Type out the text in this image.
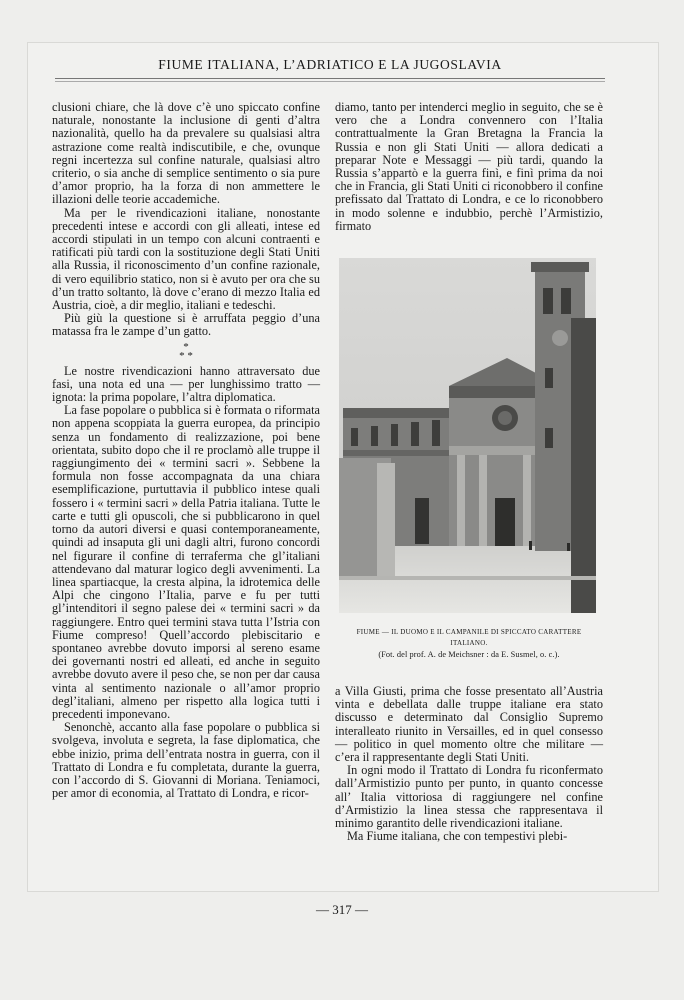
FIUME ITALIANA, L’ADRIATICO E LA JUGOSLAVIA

clusioni chiare, che là dove c’è uno spiccato confine naturale, nonostante la inclusione di genti d’altra nazionalità, quello ha da prevalere su qualsiasi altra astrazione come realtà indiscutibile, e che, ovunque regni incertezza sul confine naturale, qualsiasi altro criterio, o sia anche di semplice sentimento o sia pure d’amor proprio, ha la forza di non ammettere le illazioni delle teorie accademiche.

Ma per le rivendicazioni italiane, nonostante precedenti intese e accordi con gli alleati, intese ed accordi stipulati in un tempo con alcuni contraenti e ratificati più tardi con la sostituzione degli Stati Uniti alla Russia, il riconoscimento d’un confine razionale, di vero equilibrio statico, non si è avuto per ora che su d’un tratto soltanto, là dove c’erano di mezzo Italia ed Austria, cioè, a dir meglio, italiani e tedeschi.

Più giù la questione si è arruffata peggio d’una matassa fra le zampe d’un gatto.

*
* *

Le nostre rivendicazioni hanno attraversato due fasi, una nota ed una — per lunghissimo tratto — ignota: la prima popolare, l’altra diplomatica.

La fase popolare o pubblica si è formata o riformata non appena scoppiata la guerra europea, da principio senza un fondamento di realizzazione, poi bene orientata, subito dopo che il re proclamò alle truppe il raggiungimento dei « termini sacri ». Sebbene la formula non fosse accompagnata da una chiara esemplificazione, purtuttavia il pubblico intese quali fossero i « termini sacri » della Patria italiana. Tutte le carte e tutti gli opuscoli, che si pubblicarono in quel torno da autori diversi e quasi contemporaneamente, quindi ad insaputa gli uni dagli altri, furono concordi nel figurare il confine di terraferma che gl’italiani attendevano dal maturar logico degli avvenimenti. La linea spartiacque, la cresta alpina, la idrotemica delle Alpi che cingono l’Italia, parve e fu per tutti gl’intenditori il segno palese dei « termini sacri » da raggiungere. Entro quei termini stava tutta l’Istria con Fiume compreso! Quell’accordo plebiscitario e spontaneo avrebbe dovuto imporsi al sereno esame dei governanti nostri ed alleati, ed anche in seguito avrebbe dovuto avere il peso che, se non per dar causa vinta al sentimento nazionale o all’amor proprio degl’italiani, almeno per rispetto alla logica tutti i precedenti imponevano.

Senonchè, accanto alla fase popolare o pubblica si svolgeva, involuta e segreta, la fase diplomatica, che ebbe inizio, prima dell’entrata nostra in guerra, con il Trattato di Londra e fu completata, durante la guerra, con l’accordo di S. Giovanni di Moriana. Teniamoci, per amor di economia, al Trattato di Londra, e ricor-

diamo, tanto per intenderci meglio in seguito, che se è vero che a Londra convennero con l’Italia contrattualmente la Gran Bretagna la Francia la Russia e non gli Stati Uniti — allora dedicati a preparar Note e Messaggi — più tardi, quando la Russia s’appartò e la guerra finì, e finì prima da noi che in Francia, gli Stati Uniti ci riconobbero il confine prefissato dal Trattato di Londra, e ce lo riconobbero in modo solenne e indubbio, perchè l’Armistizio, firmato

FIUME — IL DUOMO E IL CAMPANILE DI SPICCATO CARATTERE ITALIANO.
(Fot. del prof. A. de Meichsner : da E. Susmel, o. c.).

a Villa Giusti, prima che fosse presentato all’Austria vinta e debellata dalle truppe italiane era stato discusso e determinato dal Consiglio Supremo interalleato riunito in Versailles, ed in quel consesso — politico in quel momento oltre che militare — c’era il rappresentante degli Stati Uniti.

In ogni modo il Trattato di Londra fu riconfermato dall’Armistizio punto per punto, in quanto concesse all’ Italia vittoriosa di raggiungere nel confine d’Armistizio la linea stessa che rappresentava il minimo garantito delle rivendicazioni italiane.

Ma Fiume italiana, che con tempestivi plebi-

— 317 —
